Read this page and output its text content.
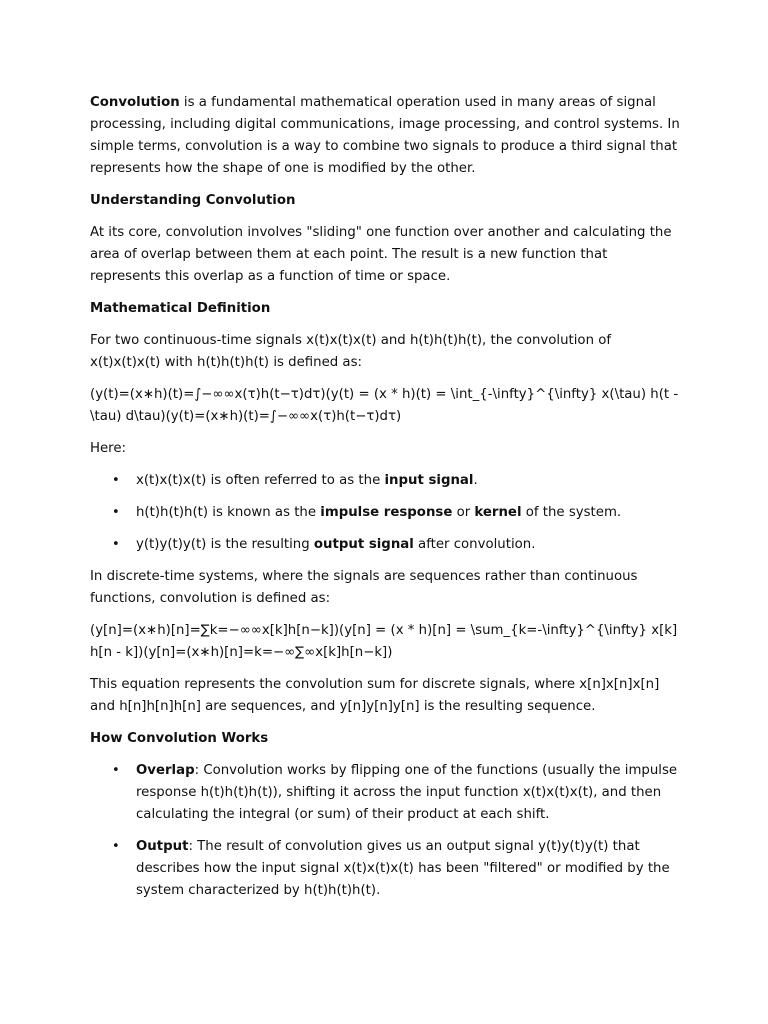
Convolution is a fundamental mathematical operation used in many areas of signal processing, including digital communications, image processing, and control systems. In simple terms, convolution is a way to combine two signals to produce a third signal that represents how the shape of one is modified by the other.

Understanding Convolution

At its core, convolution involves "sliding" one function over another and calculating the area of overlap between them at each point. The result is a new function that represents this overlap as a function of time or space.

Mathematical Definition

For two continuous-time signals x(t)x(t)x(t) and h(t)h(t)h(t), the convolution of x(t)x(t)x(t) with h(t)h(t)h(t) is defined as:

(y(t)=(x∗h)(t)=∫−∞∞x(τ)h(t−τ)dτ)(y(t) = (x * h)(t) = \int_{-\infty}^{\infty} x(\tau) h(t - \tau) d\tau)(y(t)=(x∗h)(t)=∫−∞∞x(τ)h(t−τ)dτ)

Here:

• x(t)x(t)x(t) is often referred to as the input signal.
• h(t)h(t)h(t) is known as the impulse response or kernel of the system.
• y(t)y(t)y(t) is the resulting output signal after convolution.

In discrete-time systems, where the signals are sequences rather than continuous functions, convolution is defined as:

(y[n]=(x∗h)[n]=∑k=−∞∞x[k]h[n−k])(y[n] = (x * h)[n] = \sum_{k=-\infty}^{\infty} x[k] h[n - k])(y[n]=(x∗h)[n]=k=−∞∑∞x[k]h[n−k])

This equation represents the convolution sum for discrete signals, where x[n]x[n]x[n] and h[n]h[n]h[n] are sequences, and y[n]y[n]y[n] is the resulting sequence.

How Convolution Works

• Overlap: Convolution works by flipping one of the functions (usually the impulse response h(t)h(t)h(t)), shifting it across the input function x(t)x(t)x(t), and then calculating the integral (or sum) of their product at each shift.
• Output: The result of convolution gives us an output signal y(t)y(t)y(t) that describes how the input signal x(t)x(t)x(t) has been "filtered" or modified by the system characterized by h(t)h(t)h(t).
